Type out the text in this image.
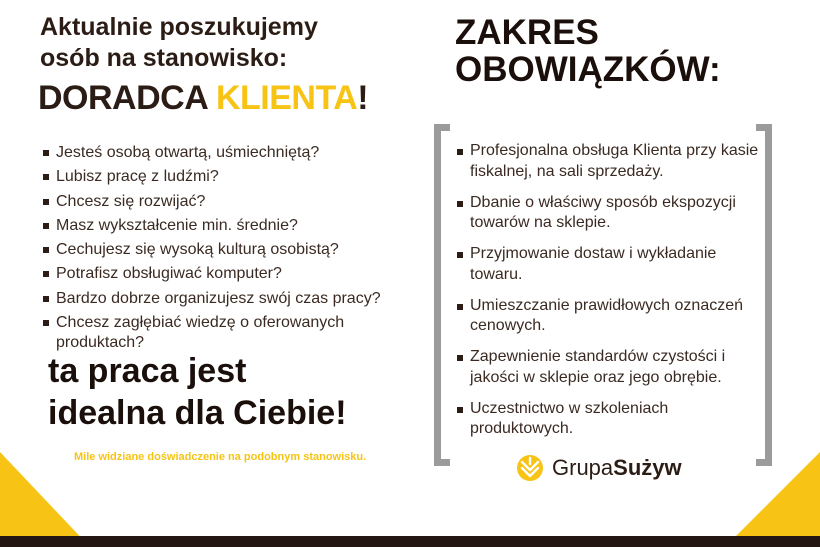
Aktualnie poszukujemy
osób na stanowisko:
DORADCA KLIENTA!
Jesteś osobą otwartą, uśmiechniętą?
Lubisz pracę z ludźmi?
Chcesz się rozwijać?
Masz wykształcenie min. średnie?
Cechujesz się wysoką kulturą osobistą?
Potrafisz obsługiwać komputer?
Bardzo dobrze organizujesz swój czas pracy?
Chcesz zagłębiać wiedzę o oferowanych produktach?
ta praca jest
idealna dla Ciebie!
Mile widziane doświadczenie na podobnym stanowisku.
ZAKRES
OBOWIĄZKÓW:
Profesjonalna obsługa Klienta przy kasie fiskalnej, na sali sprzedaży.
Dbanie o właściwy sposób ekspozycji towarów na sklepie.
Przyjmowanie dostaw i wykładanie towaru.
Umieszczanie prawidłowych oznaczeń cenowych.
Zapewnienie standardów czystości i jakości w sklepie oraz jego obrębie.
Uczestnictwo w szkoleniach produktowych.
GrupaSużyw
